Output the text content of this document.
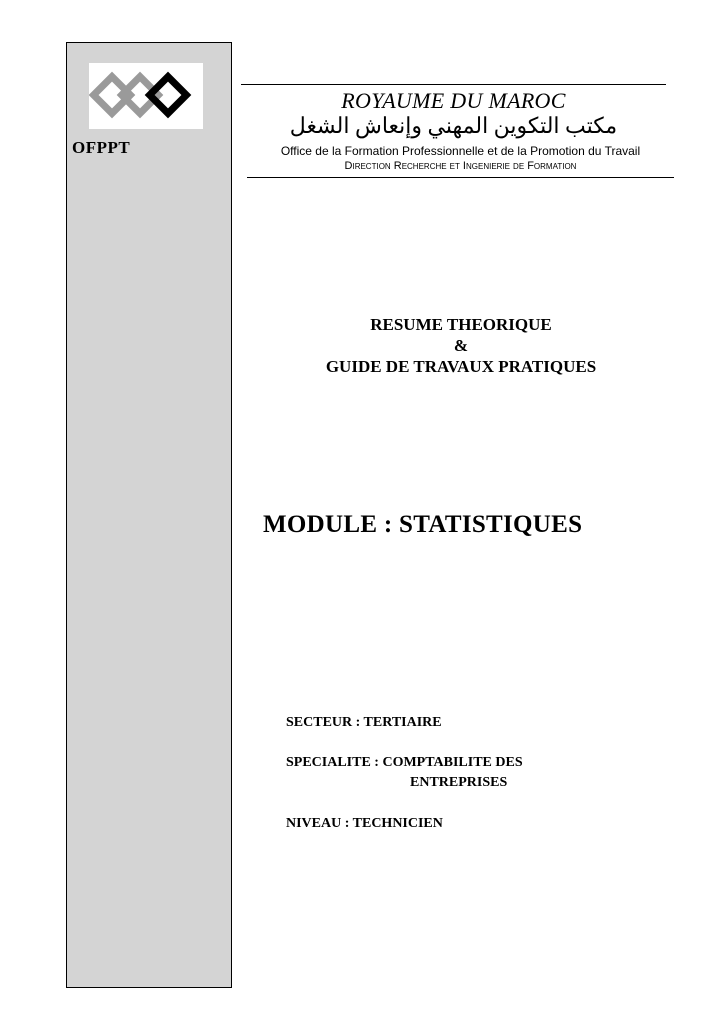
OFPPT
ROYAUME DU MAROC
مكتب التكوين المهني وإنعاش الشغل
Office de la Formation Professionnelle et de la Promotion du Travail
Direction Recherche et Ingenierie de Formation
RESUME THEORIQUE
&
GUIDE DE TRAVAUX PRATIQUES
MODULE : STATISTIQUES
SECTEUR : TERTIAIRE
SPECIALITE : COMPTABILITE DES
ENTREPRISES
NIVEAU : TECHNICIEN
